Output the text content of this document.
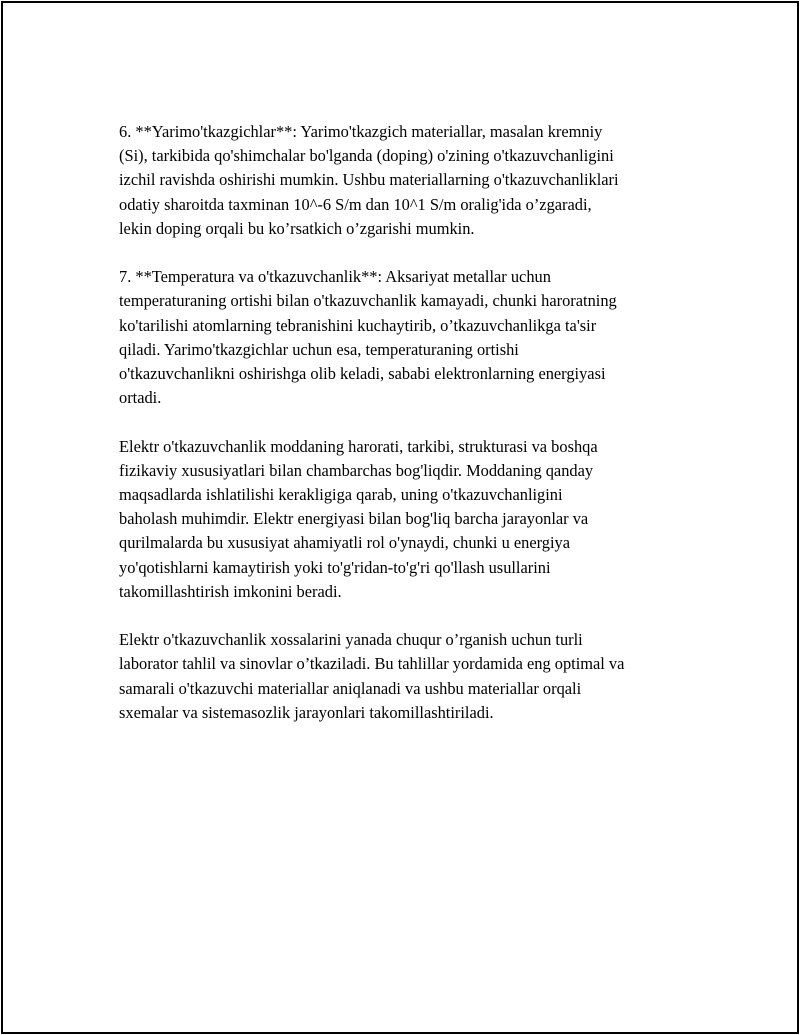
6. **Yarimo'tkazgichlar**: Yarimo'tkazgich materiallar, masalan kremniy
(Si), tarkibida qo'shimchalar bo'lganda (doping) o'zining o'tkazuvchanligini
izchil ravishda oshirishi mumkin. Ushbu materiallarning o'tkazuvchanliklari
odatiy sharoitda taxminan 10^-6 S/m dan 10^1 S/m oralig'ida o’zgaradi,
lekin doping orqali bu ko’rsatkich o’zgarishi mumkin.

7. **Temperatura va o'tkazuvchanlik**: Aksariyat metallar uchun
temperaturaning ortishi bilan o'tkazuvchanlik kamayadi, chunki haroratning
ko'tarilishi atomlarning tebranishini kuchaytirib, o’tkazuvchanlikga ta'sir
qiladi. Yarimo'tkazgichlar uchun esa, temperaturaning ortishi
o'tkazuvchanlikni oshirishga olib keladi, sababi elektronlarning energiyasi
ortadi.

Elektr o'tkazuvchanlik moddaning harorati, tarkibi, strukturasi va boshqa
fizikaviy xususiyatlari bilan chambarchas bog'liqdir. Moddaning qanday
maqsadlarda ishlatilishi kerakligiga qarab, uning o'tkazuvchanligini
baholash muhimdir. Elektr energiyasi bilan bog'liq barcha jarayonlar va
qurilmalarda bu xususiyat ahamiyatli rol o'ynaydi, chunki u energiya
yo'qotishlarni kamaytirish yoki to'g'ridan-to'g'ri qo'llash usullarini
takomillashtirish imkonini beradi.

Elektr o'tkazuvchanlik xossalarini yanada chuqur o’rganish uchun turli
laborator tahlil va sinovlar o’tkaziladi. Bu tahlillar yordamida eng optimal va
samarali o'tkazuvchi materiallar aniqlanadi va ushbu materiallar orqali
sxemalar va sistemasozlik jarayonlari takomillashtiriladi.
